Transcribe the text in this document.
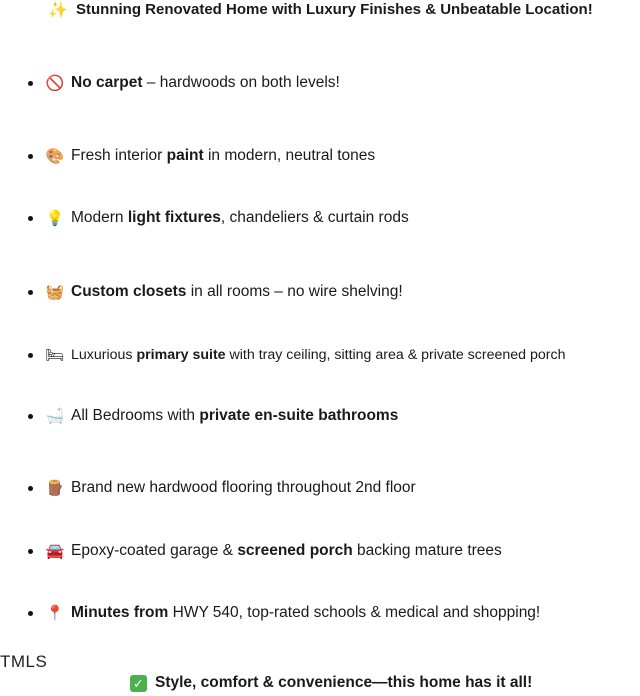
✨ Stunning Renovated Home with Luxury Finishes & Unbeatable Location!
🚫 No carpet – hardwoods on both levels!
🎨 Fresh interior paint in modern, neutral tones
💡 Modern light fixtures, chandeliers & curtain rods
🧺 Custom closets in all rooms – no wire shelving!
🛏 Luxurious primary suite with tray ceiling, sitting area & private screened porch
🛁 All Bedrooms with private en-suite bathrooms
🪵 Brand new hardwood flooring throughout 2nd floor
🚘 Epoxy-coated garage & screened porch backing mature trees
📍 Minutes from HWY 540, top-rated schools & medical and shopping!
TMLS
✓ Style, comfort & convenience—this home has it all!
